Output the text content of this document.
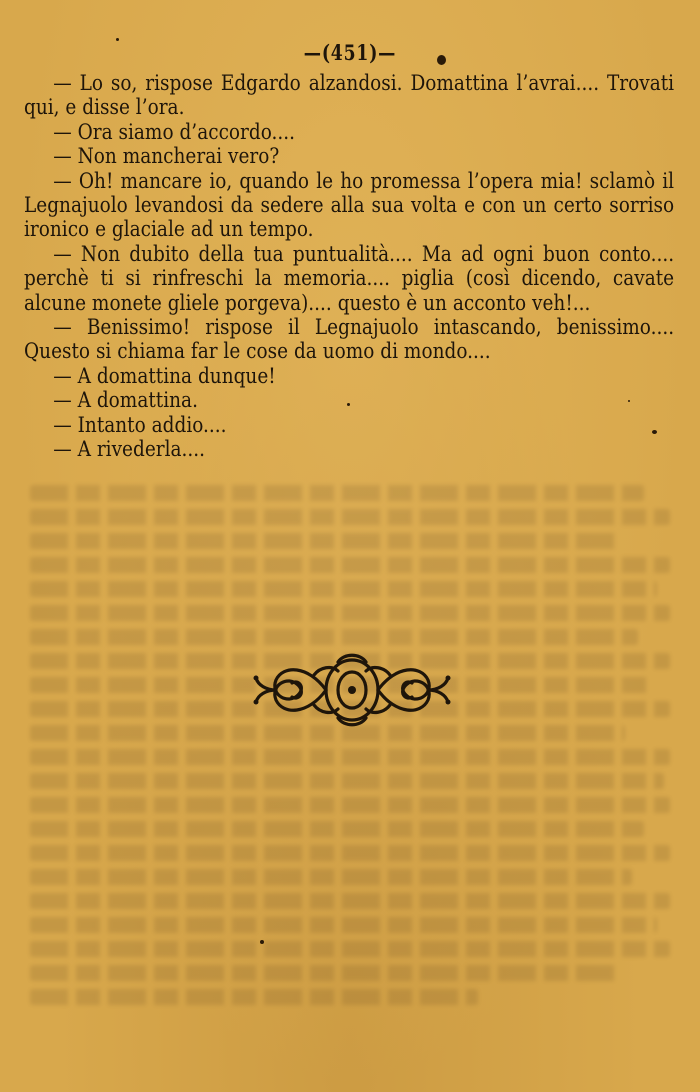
—(451)—

— Lo so, rispose Edgardo alzandosi. Domattina l’avrai.... Trovati qui, e disse l’ora.

— Ora siamo d’accordo....

— Non mancherai vero?

— Oh! mancare io, quando le ho promessa l’opera mia! sclamò il Legnajuolo levandosi da sedere alla sua volta e con un certo sorriso ironico e glaciale ad un tempo.

— Non dubito della tua puntualità.... Ma ad ogni buon conto.... perchè ti si rinfreschi la memoria.... piglia (così dicendo, cavate alcune monete gliele porgeva).... questo è un acconto veh!...

— Benissimo! rispose il Legnajuolo intascando, benissimo.... Questo si chiama far le cose da uomo di mondo....

— A domattina dunque!

— A domattina.

— Intanto addio....

— A rivederla....
